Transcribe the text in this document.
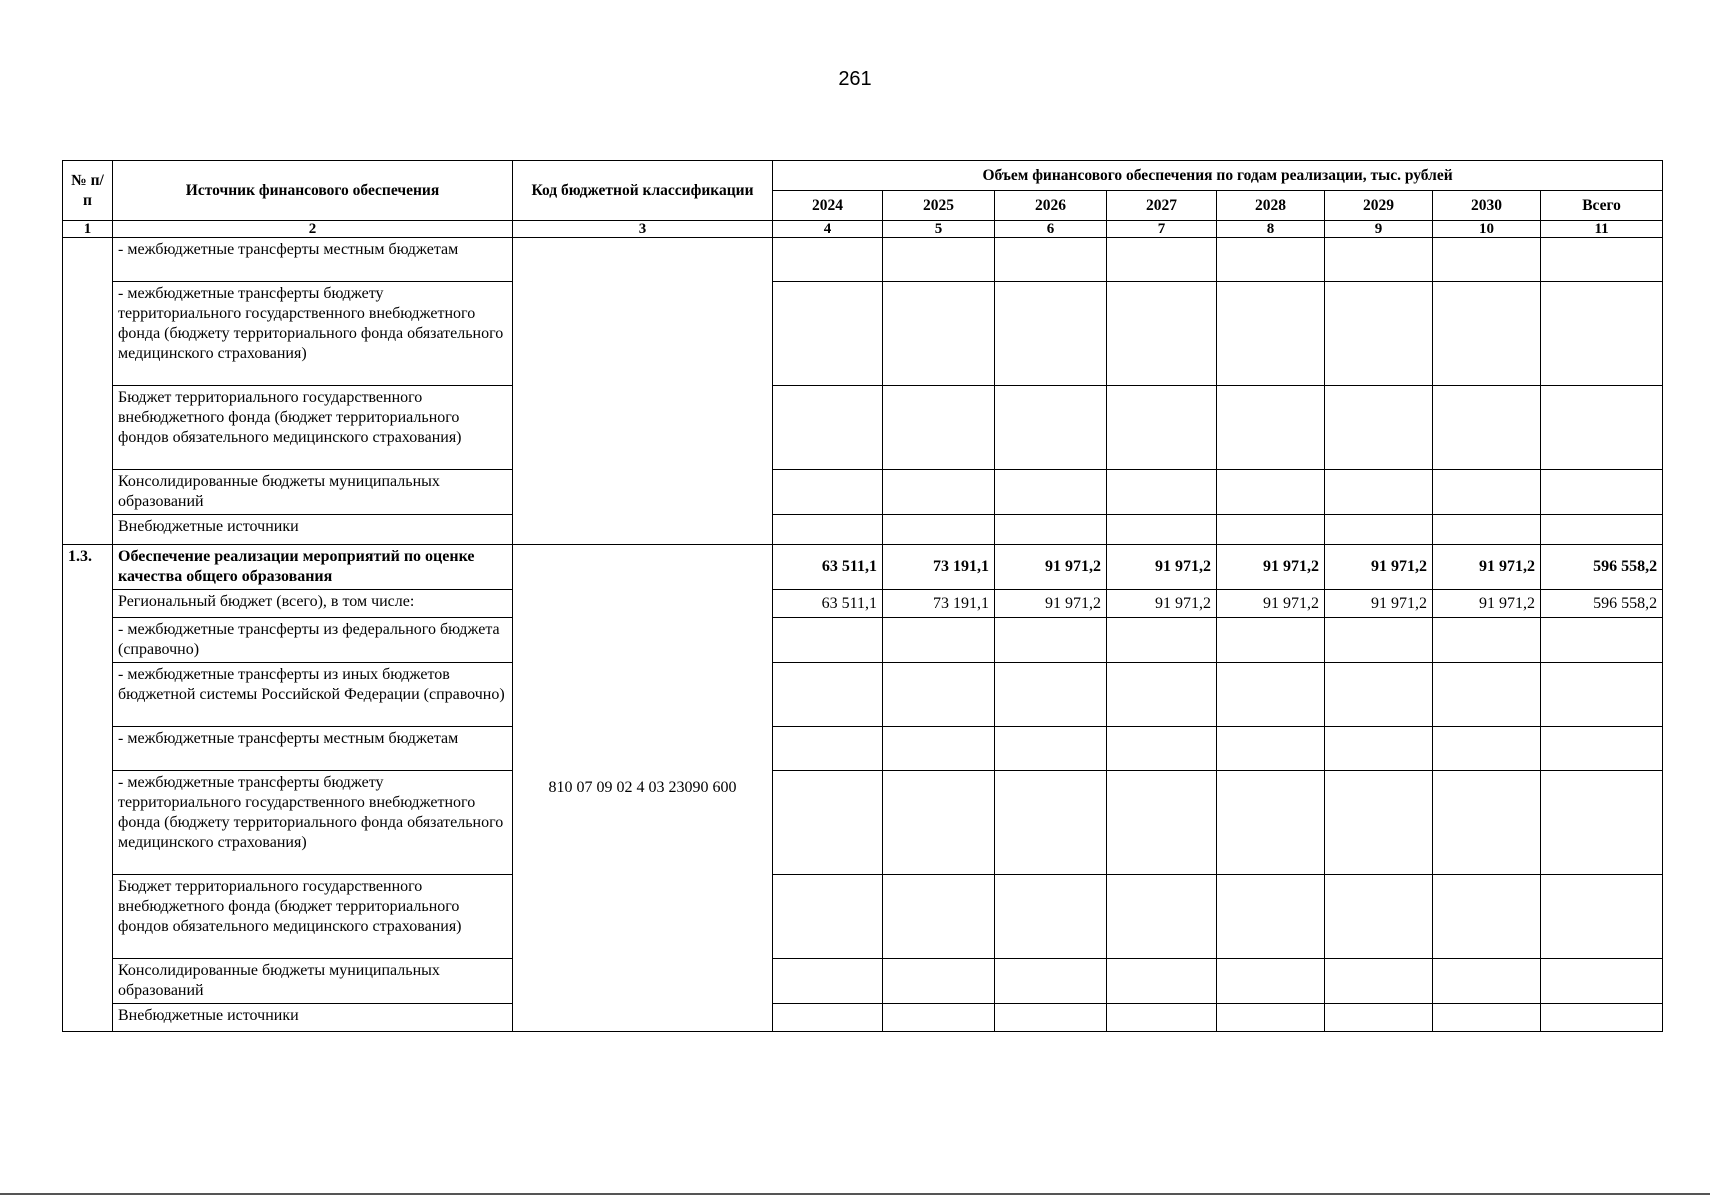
261
№ п/п	Источник финансового обеспечения	Код бюджетной классификации	Объем финансового обеспечения по годам реализации, тыс. рублей							
			2024	2025	2026	2027	2028	2029	2030	Всего
1	2	3	4	5	6	7	8	9	10	11
	- межбюджетные трансферты местным бюджетам									
	- межбюджетные трансферты бюджету территориального государственного внебюджетного фонда (бюджету территориального фонда обязательного медицинского страхования)									
	Бюджет территориального государственного внебюджетного фонда (бюджет территориального фондов обязательного медицинского страхования)									
	Консолидированные бюджеты муниципальных образований									
	Внебюджетные источники									
1.3.	Обеспечение реализации мероприятий по оценке качества общего образования	810 07 09 02 4 03 23090 600	63 511,1	73 191,1	91 971,2	91 971,2	91 971,2	91 971,2	91 971,2	596 558,2
	Региональный бюджет (всего), в том числе:		63 511,1	73 191,1	91 971,2	91 971,2	91 971,2	91 971,2	91 971,2	596 558,2
	- межбюджетные трансферты из федерального бюджета (справочно)									
	- межбюджетные трансферты из иных бюджетов бюджетной системы Российской Федерации (справочно)									
	- межбюджетные трансферты местным бюджетам									
	- межбюджетные трансферты бюджету территориального государственного внебюджетного фонда (бюджету территориального фонда обязательного медицинского страхования)									
	Бюджет территориального государственного внебюджетного фонда (бюджет территориального фондов обязательного медицинского страхования)									
	Консолидированные бюджеты муниципальных образований									
	Внебюджетные источники									
